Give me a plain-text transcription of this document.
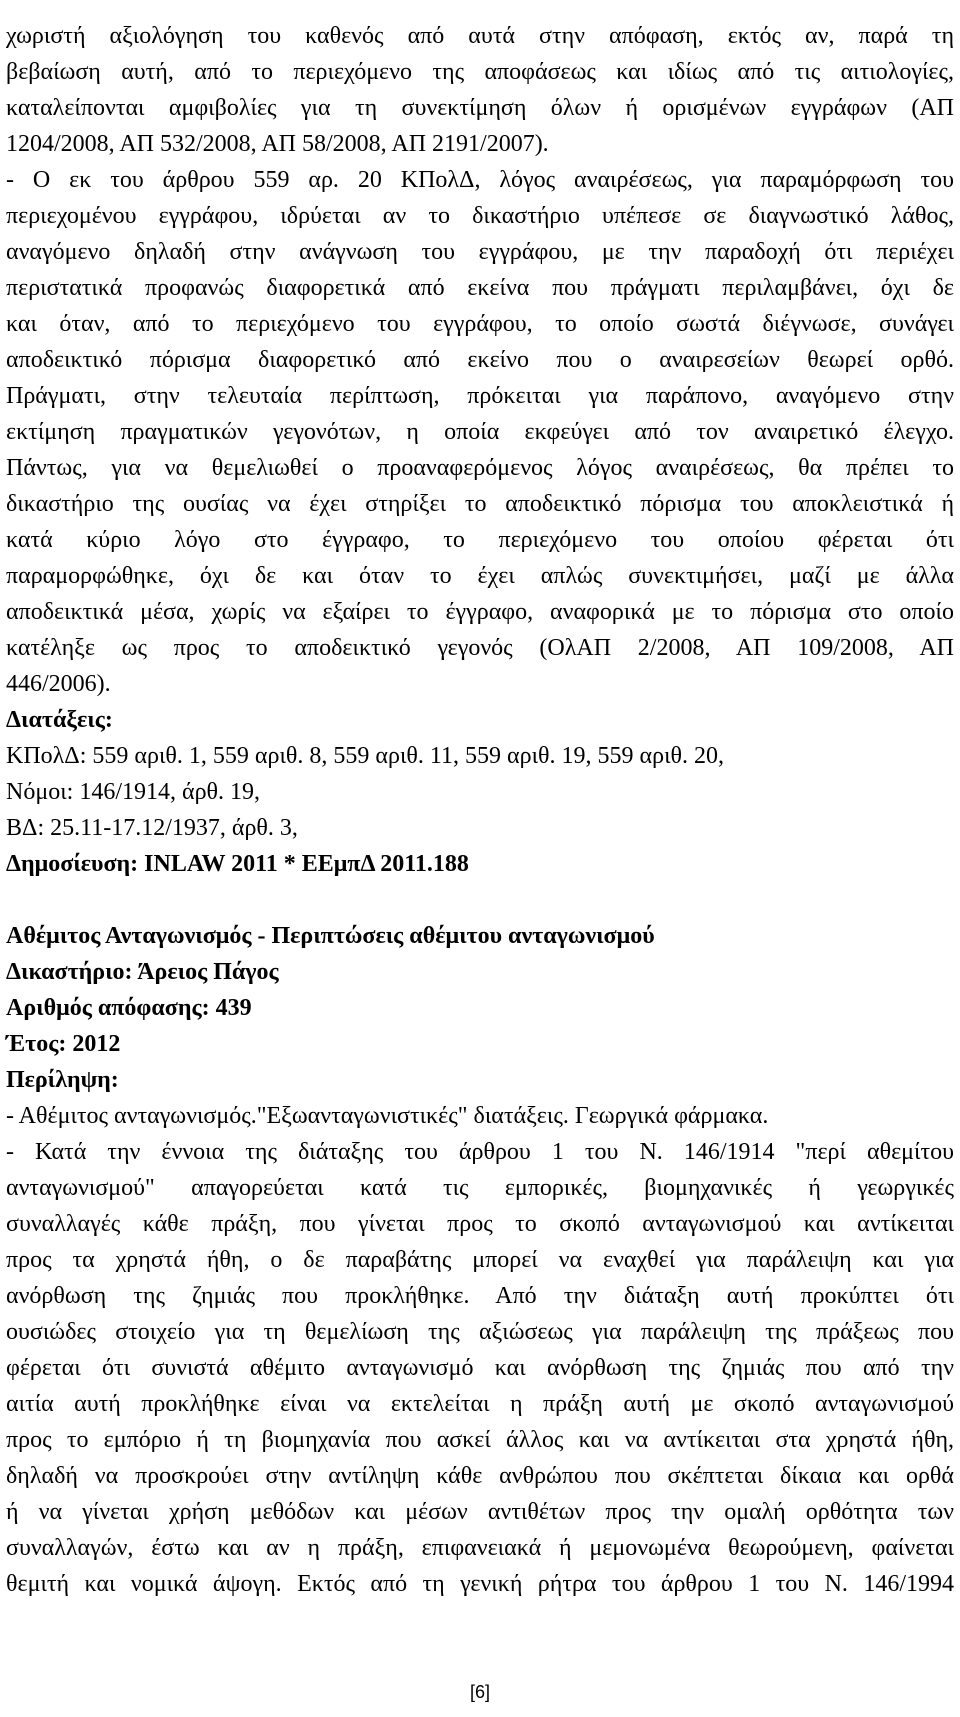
χωριστή αξιολόγηση του καθενός από αυτά στην απόφαση, εκτός αν, παρά τη
βεβαίωση αυτή, από το περιεχόμενο της αποφάσεως και ιδίως από τις αιτιολογίες,
καταλείπονται αμφιβολίες για τη συνεκτίμηση όλων ή ορισμένων εγγράφων (ΑΠ
1204/2008, ΑΠ 532/2008, ΑΠ 58/2008, ΑΠ 2191/2007).
- Ο εκ του άρθρου 559 αρ. 20 ΚΠολΔ, λόγος αναιρέσεως, για παραμόρφωση του
περιεχομένου εγγράφου, ιδρύεται αν το δικαστήριο υπέπεσε σε διαγνωστικό λάθος,
αναγόμενο δηλαδή στην ανάγνωση του εγγράφου, με την παραδοχή ότι περιέχει
περιστατικά προφανώς διαφορετικά από εκείνα που πράγματι περιλαμβάνει, όχι δε
και όταν, από το περιεχόμενο του εγγράφου, το οποίο σωστά διέγνωσε, συνάγει
αποδεικτικό πόρισμα διαφορετικό από εκείνο που ο αναιρεσείων θεωρεί ορθό.
Πράγματι, στην τελευταία περίπτωση, πρόκειται για παράπονο, αναγόμενο στην
εκτίμηση πραγματικών γεγονότων, η οποία εκφεύγει από τον αναιρετικό έλεγχο.
Πάντως, για να θεμελιωθεί ο προαναφερόμενος λόγος αναιρέσεως, θα πρέπει το
δικαστήριο της ουσίας να έχει στηρίξει το αποδεικτικό πόρισμα του αποκλειστικά ή
κατά κύριο λόγο στο έγγραφο, το περιεχόμενο του οποίου φέρεται ότι
παραμορφώθηκε, όχι δε και όταν το έχει απλώς συνεκτιμήσει, μαζί με άλλα
αποδεικτικά μέσα, χωρίς να εξαίρει το έγγραφο, αναφορικά με το πόρισμα στο οποίο
κατέληξε ως προς το αποδεικτικό γεγονός (ΟλΑΠ 2/2008, ΑΠ 109/2008, ΑΠ
446/2006).
Διατάξεις:
ΚΠολΔ: 559 αριθ. 1, 559 αριθ. 8, 559 αριθ. 11, 559 αριθ. 19, 559 αριθ. 20,
Νόμοι: 146/1914, άρθ. 19,
ΒΔ: 25.11-17.12/1937, άρθ. 3,
Δημοσίευση: INLAW 2011 * ΕΕμπΔ 2011.188
Αθέμιτος Ανταγωνισμός - Περιπτώσεις αθέμιτου ανταγωνισμού
Δικαστήριο: Άρειος Πάγος
Αριθμός απόφασης: 439
Έτος: 2012
Περίληψη:
- Αθέμιτος ανταγωνισμός."Εξωανταγωνιστικές" διατάξεις. Γεωργικά φάρμακα.
- Κατά την έννοια της διάταξης του άρθρου 1 του Ν. 146/1914 "περί αθεμίτου
ανταγωνισμού" απαγορεύεται κατά τις εμπορικές, βιομηχανικές ή γεωργικές
συναλλαγές κάθε πράξη, που γίνεται προς το σκοπό ανταγωνισμού και αντίκειται
προς τα χρηστά ήθη, ο δε παραβάτης μπορεί να εναχθεί για παράλειψη και για
ανόρθωση της ζημιάς που προκλήθηκε. Από την διάταξη αυτή προκύπτει ότι
ουσιώδες στοιχείο για τη θεμελίωση της αξιώσεως για παράλειψη της πράξεως που
φέρεται ότι συνιστά αθέμιτο ανταγωνισμό και ανόρθωση της ζημιάς που από την
αιτία αυτή προκλήθηκε είναι να εκτελείται η πράξη αυτή με σκοπό ανταγωνισμού
προς το εμπόριο ή τη βιομηχανία που ασκεί άλλος και να αντίκειται στα χρηστά ήθη,
δηλαδή να προσκρούει στην αντίληψη κάθε ανθρώπου που σκέπτεται δίκαια και ορθά
ή να γίνεται χρήση μεθόδων και μέσων αντιθέτων προς την ομαλή ορθότητα των
συναλλαγών, έστω και αν η πράξη, επιφανειακά ή μεμονωμένα θεωρούμενη, φαίνεται
θεμιτή και νομικά άψογη. Εκτός από τη γενική ρήτρα του άρθρου 1 του Ν. 146/1994
[6]
